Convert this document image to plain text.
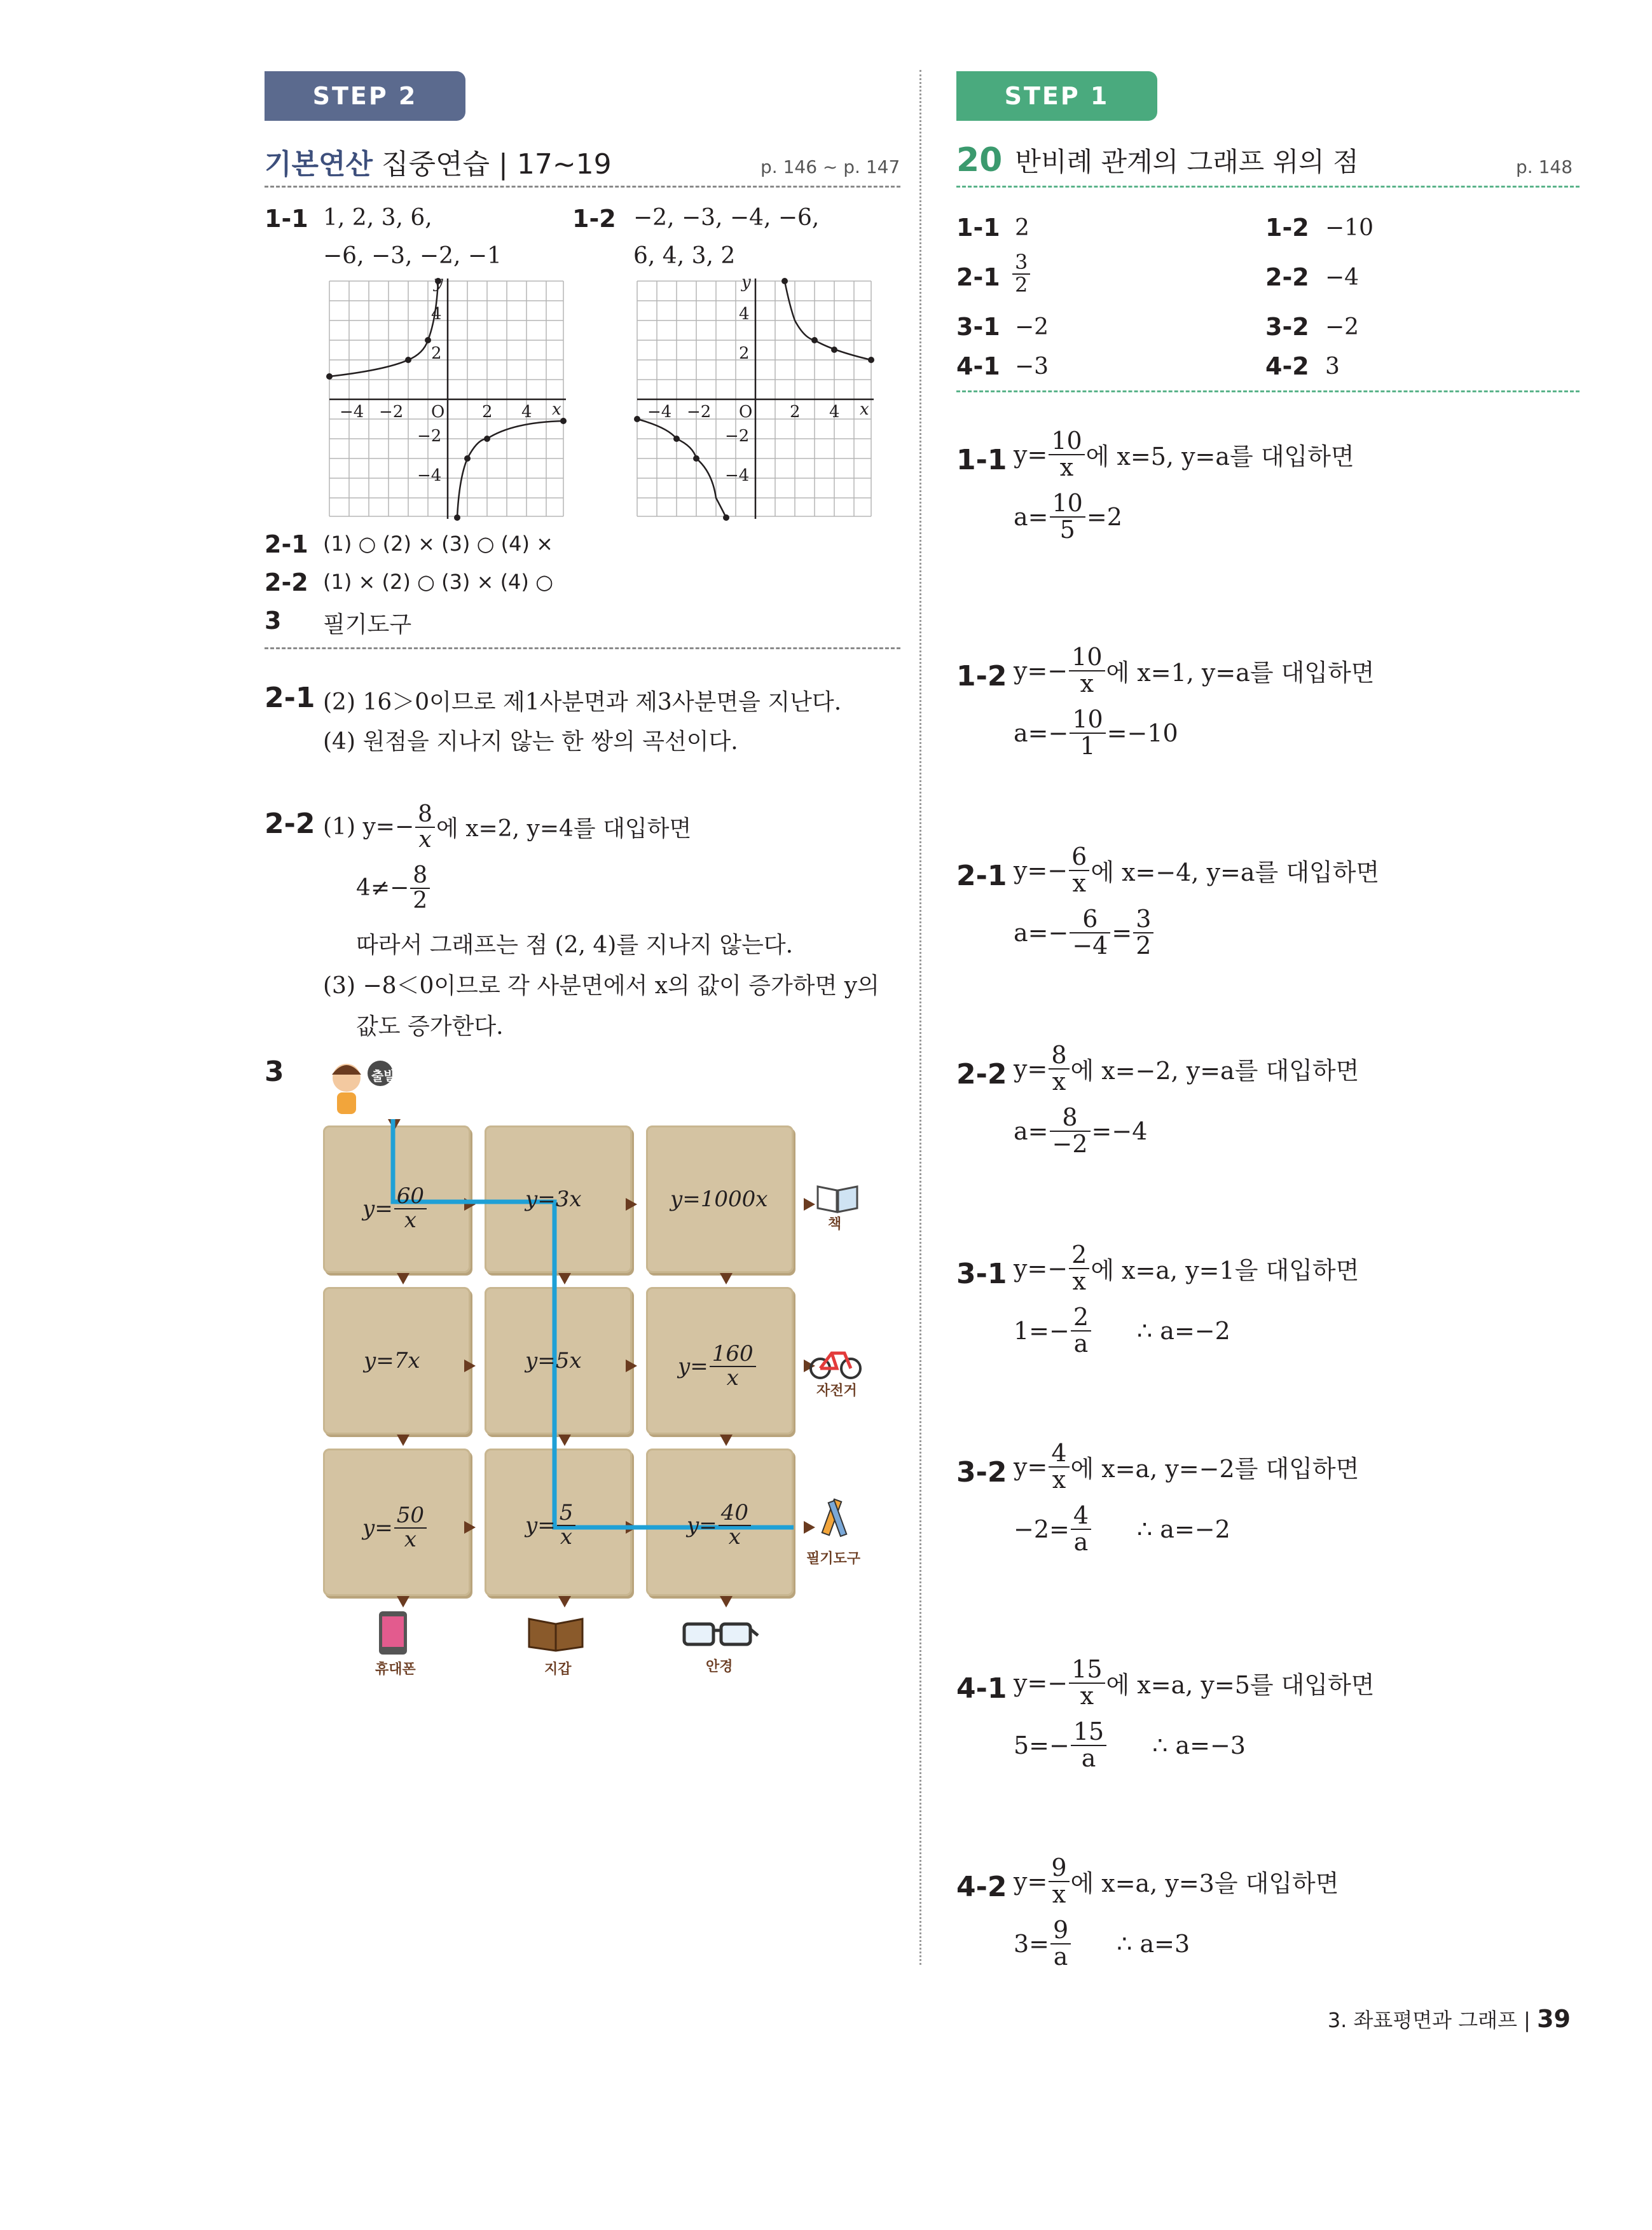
STEP 2
기본연산 집중연습 | 17~19	p. 146 ~ p. 147
1-1 1, 2, 3, 6,
−6, −3, −2, −1
1-2 −2, −3, −4, −6,
6, 4, 3, 2
4
2
−2
−4
−4 −2 O 2 4 x
y
4
2
−2
−4
−4 −2 O 2 4 x
y
2-1 (1) ○ (2) × (3) ○ (4) ×
2-2 (1) × (2) ○ (3) × (4) ○
3 필기도구
2-1 (2) 16＞0이므로 제1사분면과 제3사분면을 지난다.
(4) 원점을 지나지 않는 한 쌍의 곡선이다.
2-2 (1) $y=- \frac{8}{x}$ 에 x=2, y=4를 대입하면
$4\ne- \frac{8}{2}$
따라서 그래프는 점 (2, 4)를 지나지 않는다.
(3) −8＜0이므로 각 사분면에서 x의 값이 증가하면 y의
값도 증가한다.
3	출발
$y= \frac{60}{x}$	y=3x	y=1000x
y=7x	y=5x	$y= \frac{160}{x}$
$y= \frac{50}{x}$	$y= \frac{5}{x}$	$y= \frac{40}{x}$
책
자전거
필기도구
휴대폰	지갑	안경
STEP 1
20 반비례 관계의 그래프 위의 점	p. 148
1-1 2	1-2 −10
$2-1 \frac{3}{2}$	2-2 −4
3-1 −2	3-2 −2
4-1 −3	4-2 3
1-1 $y= \frac{10}{x}$ 에 x=5, y=a를 대입하면
$a= \frac{10}{5} =2$
1-2 $y=- \frac{10}{x}$ 에 x=1, y=a를 대입하면
$a=- \frac{10}{1} =-10$
2-1 $y=- \frac{6}{x}$ 에 x=−4, y=a를 대입하면
$a=- \frac{6}{-4} = \frac{3}{2}$
2-2 $y= \frac{8}{x}$ 에 x=−2, y=a를 대입하면
$a= \frac{8}{-2} =-4$
3-1 $y=- \frac{2}{x}$ 에 x=a, y=1을 대입하면
$1=- \frac{2}{a}$ ∴ a=−2
3-2 $y= \frac{4}{x}$ 에 x=a, y=−2를 대입하면
$-2= \frac{4}{a}$ ∴ a=−2
4-1 $y=- \frac{15}{x}$ 에 x=a, y=5를 대입하면
$5=- \frac{15}{a}$ ∴ a=−3
4-2 $y= \frac{9}{x}$ 에 x=a, y=3을 대입하면
$3= \frac{9}{a}$ ∴ a=3
3. 좌표평면과 그래프 | 39
